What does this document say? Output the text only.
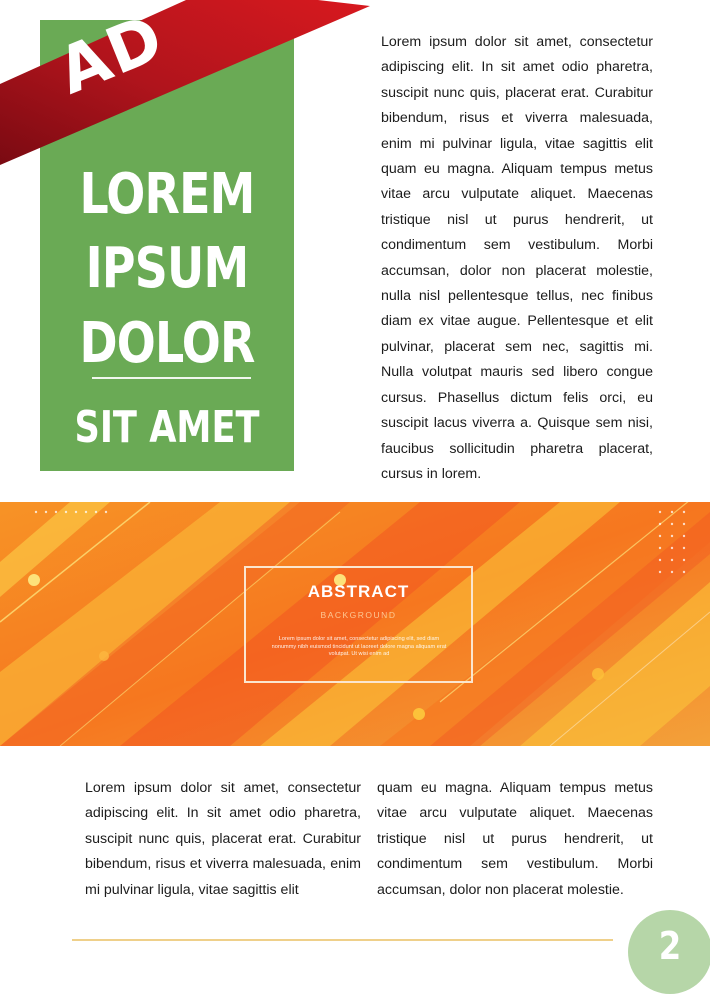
LOREM
IPSUM
DOLOR
SIT AMET
AD	Lorem ipsum dolor sit amet, consectetur adipiscing elit. In sit amet odio pharetra, suscipit nunc quis, placerat erat. Curabitur bibendum, risus et viverra malesuada, enim mi pulvinar ligula, vitae sagittis elit quam eu magna. Aliquam tempus metus vitae arcu vulputate aliquet. Maecenas tristique nisl ut purus hendrerit, ut condimentum sem vestibulum. Morbi accumsan, dolor non placerat molestie, nulla nisl pellentesque tellus, nec finibus diam ex vitae augue. Pellentesque et elit pulvinar, placerat sem nec, sagittis mi. Nulla volutpat mauris sed libero congue cursus. Phasellus dictum felis orci, eu suscipit lacus viverra a. Quisque sem nisi, faucibus sollicitudin pharetra placerat, cursus in lorem.

ABSTRACT
BACKGROUND
Lorem ipsum dolor sit amet, consectetur adipiscing elit, sed diam nonummy nibh euismod tincidunt ut laoreet dolore magna aliquam erat volutpat. Ut wisi enim ad

Lorem ipsum dolor sit amet, consectetur adipiscing elit. In sit amet odio pharetra, suscipit nunc quis, placerat erat. Curabitur bibendum, risus et viverra malesuada, enim mi pulvinar ligula, vitae sagittis elit

quam eu magna. Aliquam tempus metus vitae arcu vulputate aliquet. Maecenas tristique nisl ut purus hendrerit, ut condimentum sem vestibulum. Morbi accumsan, dolor non placerat molestie.

2
